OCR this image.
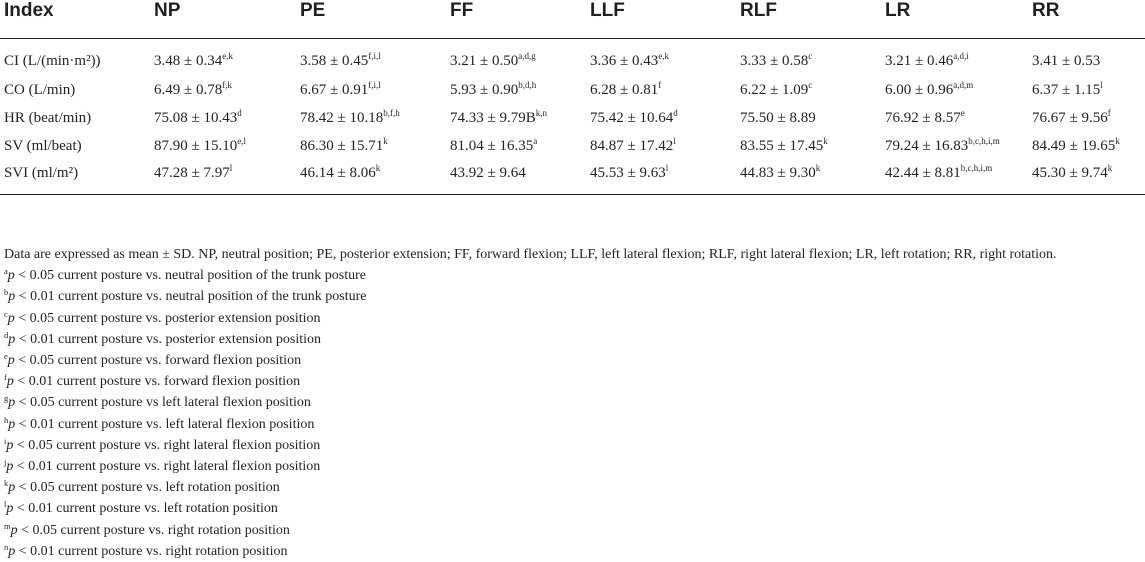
Index	NP	PE	FF	LLF	RLF	LR	RR
CI (L/(min·m²))	$3.48 \pm 0.34^{e,k}$	$3.58 \pm 0.45^{f,i,l}$	$3.21 \pm 0.50^{a,d,g}$	$3.36 \pm 0.43^{e,k}$	3.33 ± 0.58$^c$	$3.21 \pm 0.46^{a,d,i}$	3.41 ± 0.53
CO (L/min)	$6.49 \pm 0.78^{f,k}$	$6.67 \pm 0.91^{f,i,l}$	$5.93 \pm 0.90^{b,d,h}$	6.28 ± 0.81$^f$	6.22 ± 1.09$^c$	$6.00 \pm 0.96^{a,d,m}$	$6.37 \pm 1.15^l$
HR (beat/min)	75.08 ± 10.43$^d$	$78.42 \pm 10.18^{b,f,h}$	$74.33 \pm 9.79B^{k,n}$	75.42 ± 10.64$^d$	75.50 ± 8.89	76.92 ± 8.57$^e$	76.67 ± 9.56$^f$
SV (ml/beat)	$87.90 \pm 15.10^{e,l}$	$86.30 \pm 15.71^k$	81.04 ± 16.35$^a$	$84.87 \pm 17.42^l$	$83.55 \pm 17.45^k$	$79.24 \pm 16.83^{b,c,h,i,m}$	$84.49 \pm 19.65^k$
SVI (ml/m²)	$47.28 \pm 7.97^l$	$46.14 \pm 8.06^k$	43.92 ± 9.64	$45.53 \pm 9.63^l$	$44.83 \pm 9.30^k$	$42.44 \pm 8.81^{b,c,h,i,m}$	$45.30 \pm 9.74^k$
Data are expressed as mean ± SD. NP, neutral position; PE, posterior extension; FF, forward flexion; LLF, left lateral flexion; RLF, right lateral flexion; LR, left rotation; RR, right rotation.
$^a$p < 0.05 current posture vs. neutral position of the trunk posture
$^b$p < 0.01 current posture vs. neutral position of the trunk posture
$^c$p < 0.05 current posture vs. posterior extension position
$^d$p < 0.01 current posture vs. posterior extension position
$^e$p < 0.05 current posture vs. forward flexion position
$^f$p < 0.01 current posture vs. forward flexion position
$^g$p < 0.05 current posture vs left lateral flexion position
$^h$p < 0.01 current posture vs. left lateral flexion position
$^i$p < 0.05 current posture vs. right lateral flexion position
$^j$p < 0.01 current posture vs. right lateral flexion position
$^k$p < 0.05 current posture vs. left rotation position
$^l$p < 0.01 current posture vs. left rotation position
$^m$p < 0.05 current posture vs. right rotation position
$^n$p < 0.01 current posture vs. right rotation position
